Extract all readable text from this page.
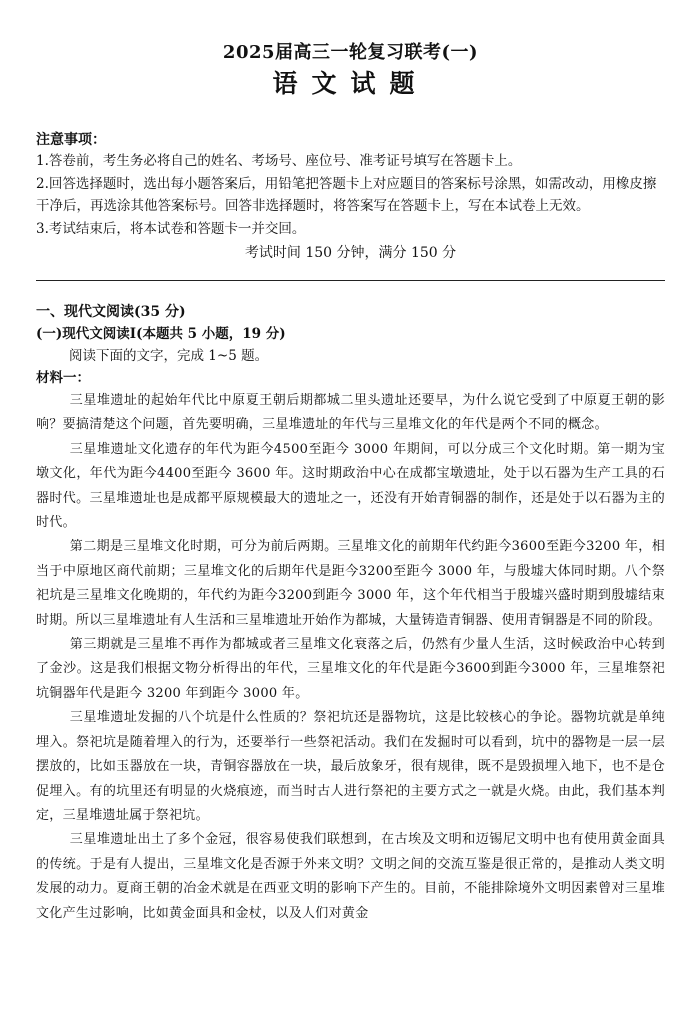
2025届高三一轮复习联考(一)
语文试题
注意事项：

1.答卷前，考生务必将自己的姓名、考场号、座位号、准考证号填写在答题卡上。

2.回答选择题时，选出每小题答案后，用铅笔把答题卡上对应题目的答案标号涂黑，如需改动，用橡皮擦干净后，再选涂其他答案标号。回答非选择题时，将答案写在答题卡上，写在本试卷上无效。

3.考试结束后，将本试卷和答题卡一并交回。

考试时间 150 分钟，满分 150 分
一、现代文阅读(35 分)
(一)现代文阅读Ⅰ(本题共 5 小题，19 分)
阅读下面的文字，完成 1~5 题。
材料一：

三星堆遗址的起始年代比中原夏王朝后期都城二里头遗址还要早，为什么说它受到了中原夏王朝的影响？要搞清楚这个问题，首先要明确，三星堆遗址的年代与三星堆文化的年代是两个不同的概念。

三星堆遗址文化遗存的年代为距今4500至距今 3000 年期间，可以分成三个文化时期。第一期为宝墩文化，年代为距今4400至距今 3600 年。这时期政治中心在成都宝墩遗址，处于以石器为生产工具的石器时代。三星堆遗址也是成都平原规模最大的遗址之一，还没有开始青铜器的制作，还是处于以石器为主的时代。

第二期是三星堆文化时期，可分为前后两期。三星堆文化的前期年代约距今3600至距今3200 年，相当于中原地区商代前期；三星堆文化的后期年代是距今3200至距今 3000 年，与殷墟大体同时期。八个祭祀坑是三星堆文化晚期的，年代约为距今3200到距今 3000 年，这个年代相当于殷墟兴盛时期到殷墟结束时期。所以三星堆遗址有人生活和三星堆遗址开始作为都城，大量铸造青铜器、使用青铜器是不同的阶段。

第三期就是三星堆不再作为都城或者三星堆文化衰落之后，仍然有少量人生活，这时候政治中心转到了金沙。这是我们根据文物分析得出的年代，三星堆文化的年代是距今3600到距今3000 年，三星堆祭祀坑铜器年代是距今 3200 年到距今 3000 年。

三星堆遗址发掘的八个坑是什么性质的？祭祀坑还是器物坑，这是比较核心的争论。器物坑就是单纯埋入。祭祀坑是随着埋入的行为，还要举行一些祭祀活动。我们在发掘时可以看到，坑中的器物是一层一层摆放的，比如玉器放在一块，青铜容器放在一块，最后放象牙，很有规律，既不是毁损埋入地下，也不是仓促埋入。有的坑里还有明显的火烧痕迹，而当时古人进行祭祀的主要方式之一就是火烧。由此，我们基本判定，三星堆遗址属于祭祀坑。

三星堆遗址出土了多个金冠，很容易使我们联想到，在古埃及文明和迈锡尼文明中也有使用黄金面具的传统。于是有人提出，三星堆文化是否源于外来文明？文明之间的交流互鉴是很正常的，是推动人类文明发展的动力。夏商王朝的冶金术就是在西亚文明的影响下产生的。目前，不能排除境外文明因素曾对三星堆文化产生过影响，比如黄金面具和金杖，以及人们对黄金
